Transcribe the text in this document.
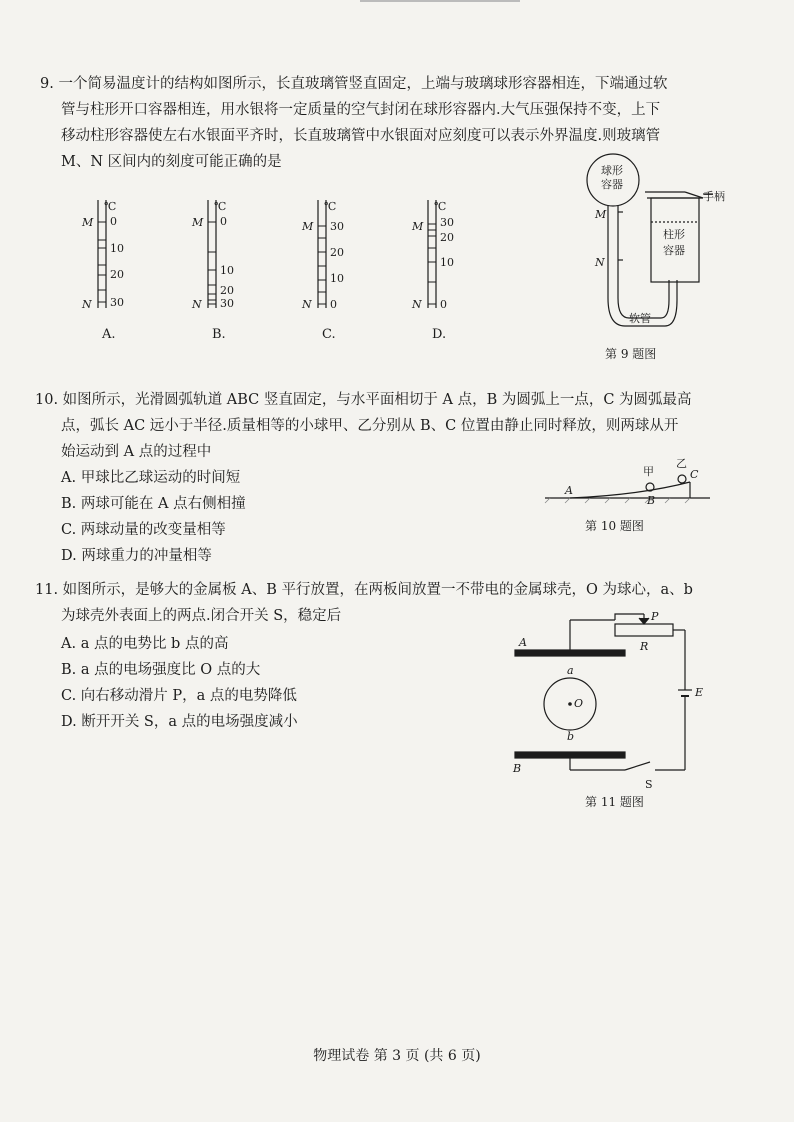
9. 一个简易温度计的结构如图所示，长直玻璃管竖直固定，上端与玻璃球形容器相连，下端通过软
管与柱形开口容器相连，用水银将一定质量的空气封闭在球形容器内.大气压强保持不变，上下
移动柱形容器使左右水银面平齐时，长直玻璃管中水银面对应刻度可以表示外界温度.则玻璃管
M、N 区间内的刻度可能正确的是
℃
M
N
0
10
20
30
A.
℃
M
N
0
10
20
30
B.
℃
M
N
30
20
10
0
C.
℃
M
N
30
20
10
0
D.
球形
容器
柱形
容器
手柄
软管
M
N
第 9 题图
10. 如图所示，光滑圆弧轨道 ABC 竖直固定，与水平面相切于 A 点，B 为圆弧上一点，C 为圆弧最高
点，弧长 AC 远小于半径.质量相等的小球甲、乙分别从 B、C 位置由静止同时释放，则两球从开
始运动到 A 点的过程中
A. 甲球比乙球运动的时间短
B. 两球可能在 A 点右侧相撞
C. 两球动量的改变量相等
D. 两球重力的冲量相等
甲
乙
A
B
C
第 10 题图
11. 如图所示，是够大的金属板 A、B 平行放置，在两板间放置一不带电的金属球壳，O 为球心，a、b
为球壳外表面上的两点.闭合开关 S，稳定后
A. a 点的电势比 b 点的高
B. a 点的电场强度比 O 点的大
C. 向右移动滑片 P，a 点的电势降低
D. 断开开关 S，a 点的电场强度减小
A
B
O
a
b
P
R
E
S
第 11 题图
物理试卷 第 3 页 (共 6 页)
